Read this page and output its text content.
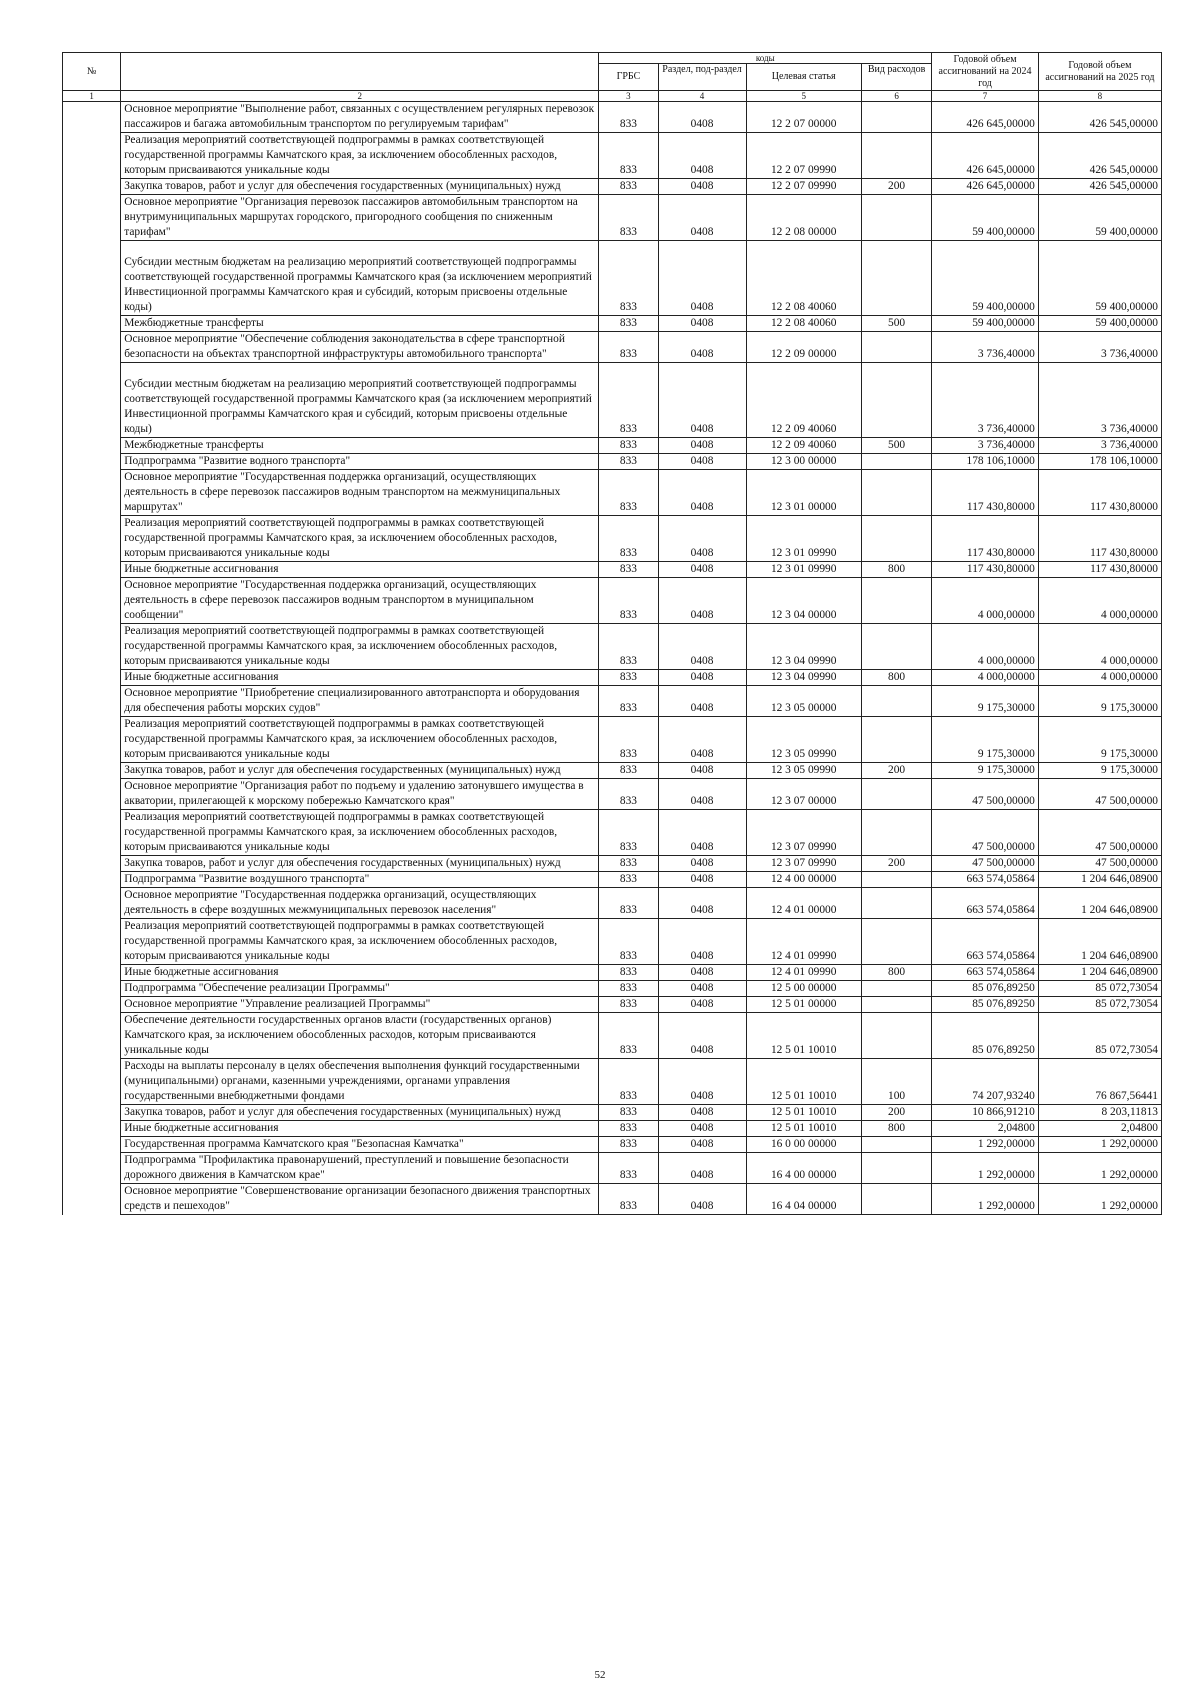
№		коды				Годовой объем ассигнований на 2024 год	Годовой объем ассигнований на 2025 год
		ГРБС	Раздел, под-раздел	Целевая статья	Вид расходов		
1	2	3	4	5	6	7	8
	Основное мероприятие "Выполнение работ, связанных с осуществлением регулярных перевозок пассажиров и багажа автомобильным транспортом по регулируемым тарифам"	833	0408	12 2 07 00000		426 645,00000	426 545,00000
	Реализация мероприятий соответствующей подпрограммы в рамках соответствующей государственной программы Камчатского края, за исключением обособленных расходов, которым присваиваются уникальные коды	833	0408	12 2 07 09990		426 645,00000	426 545,00000
	Закупка товаров, работ и услуг для обеспечения государственных (муниципальных) нужд	833	0408	12 2 07 09990	200	426 645,00000	426 545,00000
	Основное мероприятие "Организация перевозок пассажиров автомобильным транспортом на внутримуниципальных маршрутах городского, пригородного сообщения по сниженным тарифам"	833	0408	12 2 08 00000		59 400,00000	59 400,00000
	Субсидии местным бюджетам на реализацию мероприятий соответствующей подпрограммы соответствующей государственной программы Камчатского края (за исключением мероприятий Инвестиционной программы Камчатского края и субсидий, которым присвоены отдельные коды)	833	0408	12 2 08 40060		59 400,00000	59 400,00000
	Межбюджетные трансферты	833	0408	12 2 08 40060	500	59 400,00000	59 400,00000
	Основное мероприятие "Обеспечение соблюдения законодательства в сфере транспортной безопасности на объектах транспортной инфраструктуры автомобильного транспорта"	833	0408	12 2 09 00000		3 736,40000	3 736,40000
	Субсидии местным бюджетам на реализацию мероприятий соответствующей подпрограммы соответствующей государственной программы Камчатского края (за исключением мероприятий Инвестиционной программы Камчатского края и субсидий, которым присвоены отдельные коды)	833	0408	12 2 09 40060		3 736,40000	3 736,40000
	Межбюджетные трансферты	833	0408	12 2 09 40060	500	3 736,40000	3 736,40000
	Подпрограмма "Развитие водного транспорта"	833	0408	12 3 00 00000		178 106,10000	178 106,10000
	Основное мероприятие "Государственная поддержка организаций, осуществляющих деятельность в сфере перевозок пассажиров водным транспортом на межмуниципальных маршрутах"	833	0408	12 3 01 00000		117 430,80000	117 430,80000
	Реализация мероприятий соответствующей подпрограммы в рамках соответствующей государственной программы Камчатского края, за исключением обособленных расходов, которым присваиваются уникальные коды	833	0408	12 3 01 09990		117 430,80000	117 430,80000
	Иные бюджетные ассигнования	833	0408	12 3 01 09990	800	117 430,80000	117 430,80000
	Основное мероприятие "Государственная поддержка организаций, осуществляющих деятельность в сфере перевозок пассажиров водным транспортом в муниципальном сообщении"	833	0408	12 3 04 00000		4 000,00000	4 000,00000
	Реализация мероприятий соответствующей подпрограммы в рамках соответствующей государственной программы Камчатского края, за исключением обособленных расходов, которым присваиваются уникальные коды	833	0408	12 3 04 09990		4 000,00000	4 000,00000
	Иные бюджетные ассигнования	833	0408	12 3 04 09990	800	4 000,00000	4 000,00000
	Основное мероприятие "Приобретение специализированного автотранспорта и оборудования для обеспечения работы морских судов"	833	0408	12 3 05 00000		9 175,30000	9 175,30000
	Реализация мероприятий соответствующей подпрограммы в рамках соответствующей государственной программы Камчатского края, за исключением обособленных расходов, которым присваиваются уникальные коды	833	0408	12 3 05 09990		9 175,30000	9 175,30000
	Закупка товаров, работ и услуг для обеспечения государственных (муниципальных) нужд	833	0408	12 3 05 09990	200	9 175,30000	9 175,30000
	Основное мероприятие "Организация работ по подъему и удалению затонувшего имущества в акватории, прилегающей к морскому побережью Камчатского края"	833	0408	12 3 07 00000		47 500,00000	47 500,00000
	Реализация мероприятий соответствующей подпрограммы в рамках соответствующей государственной программы Камчатского края, за исключением обособленных расходов, которым присваиваются уникальные коды	833	0408	12 3 07 09990		47 500,00000	47 500,00000
	Закупка товаров, работ и услуг для обеспечения государственных (муниципальных) нужд	833	0408	12 3 07 09990	200	47 500,00000	47 500,00000
	Подпрограмма "Развитие воздушного транспорта"	833	0408	12 4 00 00000		663 574,05864	1 204 646,08900
	Основное мероприятие "Государственная поддержка организаций, осуществляющих деятельность в сфере воздушных межмуниципальных перевозок населения"	833	0408	12 4 01 00000		663 574,05864	1 204 646,08900
	Реализация мероприятий соответствующей подпрограммы в рамках соответствующей государственной программы Камчатского края, за исключением обособленных расходов, которым присваиваются уникальные коды	833	0408	12 4 01 09990		663 574,05864	1 204 646,08900
	Иные бюджетные ассигнования	833	0408	12 4 01 09990	800	663 574,05864	1 204 646,08900
	Подпрограмма "Обеспечение реализации Программы"	833	0408	12 5 00 00000		85 076,89250	85 072,73054
	Основное мероприятие "Управление реализацией Программы"	833	0408	12 5 01 00000		85 076,89250	85 072,73054
	Обеспечение деятельности государственных органов власти (государственных органов) Камчатского края, за исключением обособленных расходов, которым присваиваются уникальные коды	833	0408	12 5 01 10010		85 076,89250	85 072,73054
	Расходы на выплаты персоналу в целях обеспечения выполнения функций государственными (муниципальными) органами, казенными учреждениями, органами управления государственными внебюджетными фондами	833	0408	12 5 01 10010	100	74 207,93240	76 867,56441
	Закупка товаров, работ и услуг для обеспечения государственных (муниципальных) нужд	833	0408	12 5 01 10010	200	10 866,91210	8 203,11813
	Иные бюджетные ассигнования	833	0408	12 5 01 10010	800	2,04800	2,04800
	Государственная программа Камчатского края "Безопасная Камчатка"	833	0408	16 0 00 00000		1 292,00000	1 292,00000
	Подпрограмма "Профилактика правонарушений, преступлений и повышение безопасности дорожного движения в Камчатском крае"	833	0408	16 4 00 00000		1 292,00000	1 292,00000
	Основное мероприятие "Совершенствование организации безопасного движения транспортных средств и пешеходов"	833	0408	16 4 04 00000		1 292,00000	1 292,00000
52
